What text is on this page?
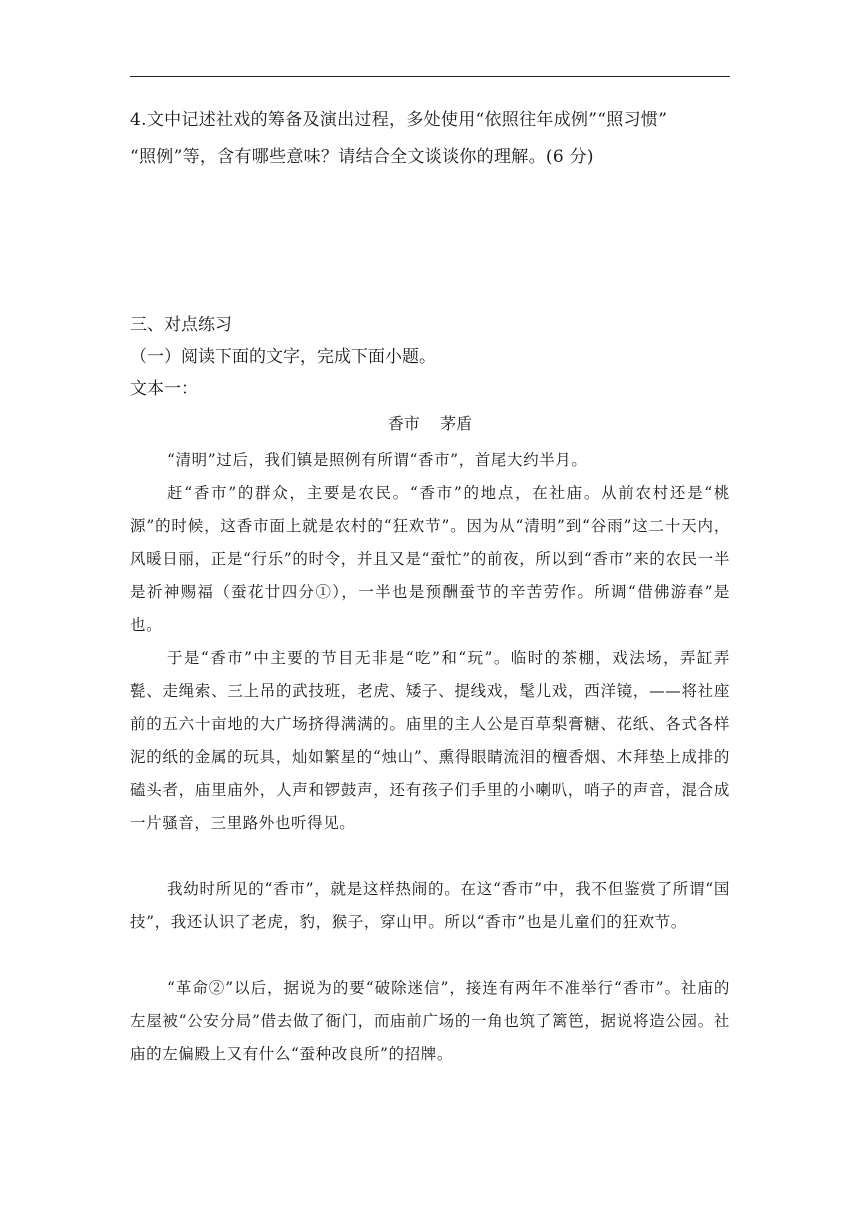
4.文中记述社戏的筹备及演出过程，多处使用“依照往年成例”“照习惯”
“照例”等，含有哪些意味？请结合全文谈谈你的理解。(6 分)
三、对点练习
（一）阅读下面的文字，完成下面小题。
文本一：
香市    茅盾
“清明”过后，我们镇是照例有所谓“香市”，首尾大约半月。
赶“香市”的群众，主要是农民。“香市”的地点，在社庙。从前农村还是“桃源”的时候，这香市面上就是农村的“狂欢节”。因为从“清明”到“谷雨”这二十天内，风暖日丽，正是“行乐”的时令，并且又是“蚕忙”的前夜，所以到“香市”来的农民一半是祈神赐福（蚕花廿四分①），一半也是预酬蚕节的辛苦劳作。所调“借佛游春”是也。
于是“香市”中主要的节目无非是“吃”和“玩”。临时的茶棚，戏法场，弄缸弄甏、走绳索、三上吊的武技班，老虎、矮子、提线戏，髦儿戏，西洋镜，——将社座前的五六十亩地的大广场挤得满满的。庙里的主人公是百草梨膏糖、花纸、各式各样泥的纸的金属的玩具，灿如繁星的“烛山”、熏得眼睛流泪的檀香烟、木拜垫上成排的磕头者，庙里庙外，人声和锣鼓声，还有孩子们手里的小喇叭，哨子的声音，混合成一片骚音，三里路外也听得见。
我幼时所见的“香市”，就是这样热闹的。在这“香市”中，我不但鉴赏了所谓“国技”，我还认识了老虎，豹，猴子，穿山甲。所以“香市”也是儿童们的狂欢节。
“革命②”以后，据说为的要“破除迷信”，接连有两年不准举行“香市”。社庙的左屋被“公安分局”借去做了衙门，而庙前广场的一角也筑了篱笆，据说将造公园。社庙的左偏殿上又有什么“蚕种改良所”的招牌。
